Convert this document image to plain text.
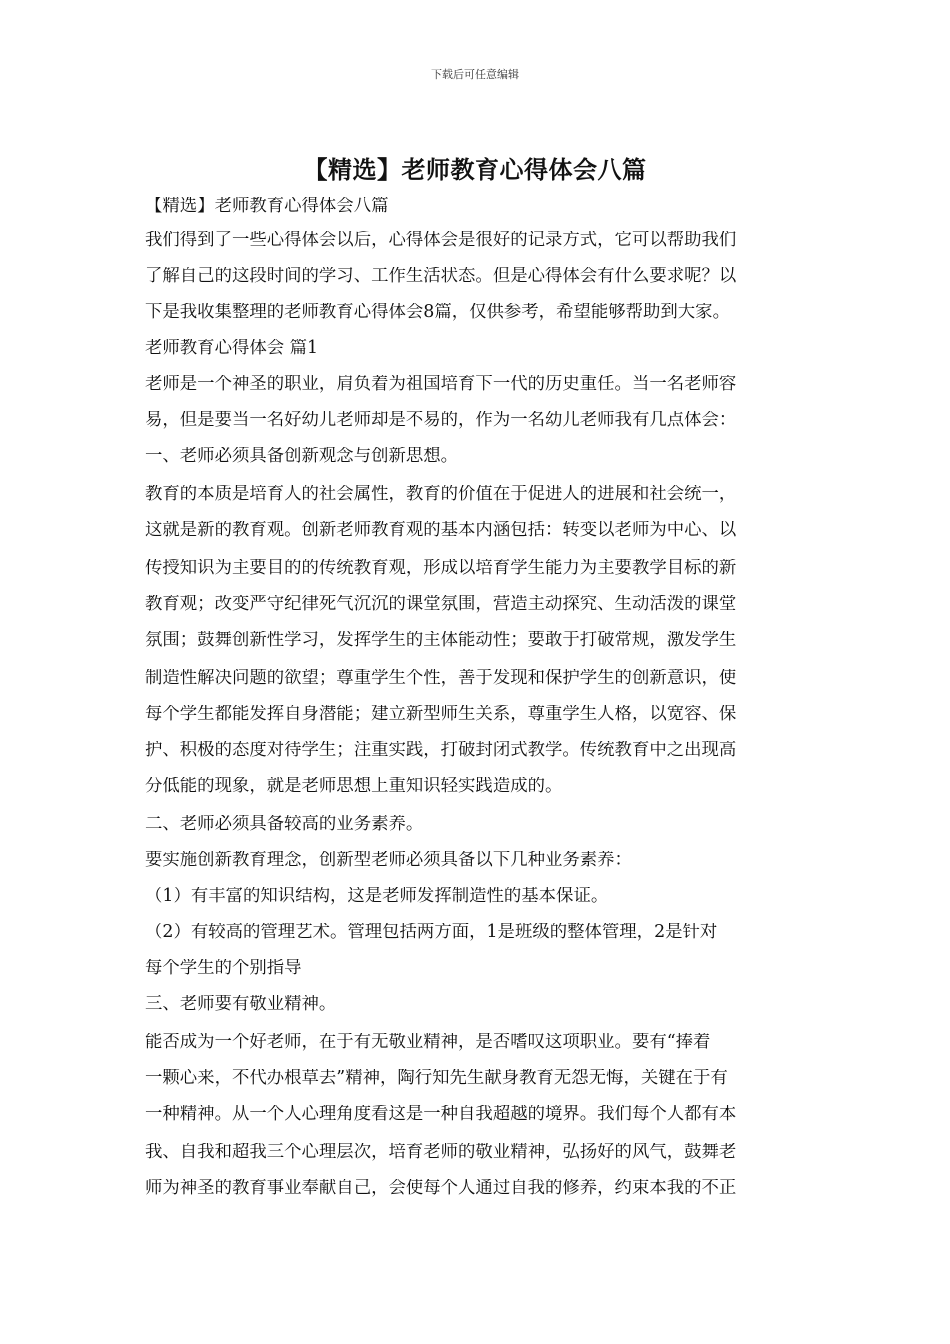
下载后可任意编辑
【精选】老师教育心得体会八篇

【精选】老师教育心得体会八篇

我们得到了一些心得体会以后，心得体会是很好的记录方式，它可以帮助我们

了解自己的这段时间的学习、工作生活状态。但是心得体会有什么要求呢？以

下是我收集整理的老师教育心得体会8篇，仅供参考，希望能够帮助到大家。

老师教育心得体会 篇1

老师是一个神圣的职业，肩负着为祖国培育下一代的历史重任。当一名老师容

易，但是要当一名好幼儿老师却是不易的，作为一名幼儿老师我有几点体会：

一、老师必须具备创新观念与创新思想。

教育的本质是培育人的社会属性，教育的价值在于促进人的进展和社会统一，

这就是新的教育观。创新老师教育观的基本内涵包括：转变以老师为中心、以

传授知识为主要目的的传统教育观，形成以培育学生能力为主要教学目标的新

教育观；改变严守纪律死气沉沉的课堂氛围，营造主动探究、生动活泼的课堂

氛围；鼓舞创新性学习，发挥学生的主体能动性；要敢于打破常规，激发学生

制造性解决问题的欲望；尊重学生个性，善于发现和保护学生的创新意识，使

每个学生都能发挥自身潜能；建立新型师生关系，尊重学生人格，以宽容、保

护、积极的态度对待学生；注重实践，打破封闭式教学。传统教育中之出现高

分低能的现象，就是老师思想上重知识轻实践造成的。

二、老师必须具备较高的业务素养。

要实施创新教育理念，创新型老师必须具备以下几种业务素养：

（1）有丰富的知识结构，这是老师发挥制造性的基本保证。

（2）有较高的管理艺术。管理包括两方面，1是班级的整体管理，2是针对

每个学生的个别指导

三、老师要有敬业精神。

能否成为一个好老师，在于有无敬业精神，是否嗜叹这项职业。要有“捧着

一颗心来，不代办根草去”精神，陶行知先生献身教育无怨无悔，关键在于有

一种精神。从一个人心理角度看这是一种自我超越的境界。我们每个人都有本

我、自我和超我三个心理层次，培育老师的敬业精神，弘扬好的风气，鼓舞老

师为神圣的教育事业奉献自己，会使每个人通过自我的修养，约束本我的不正
